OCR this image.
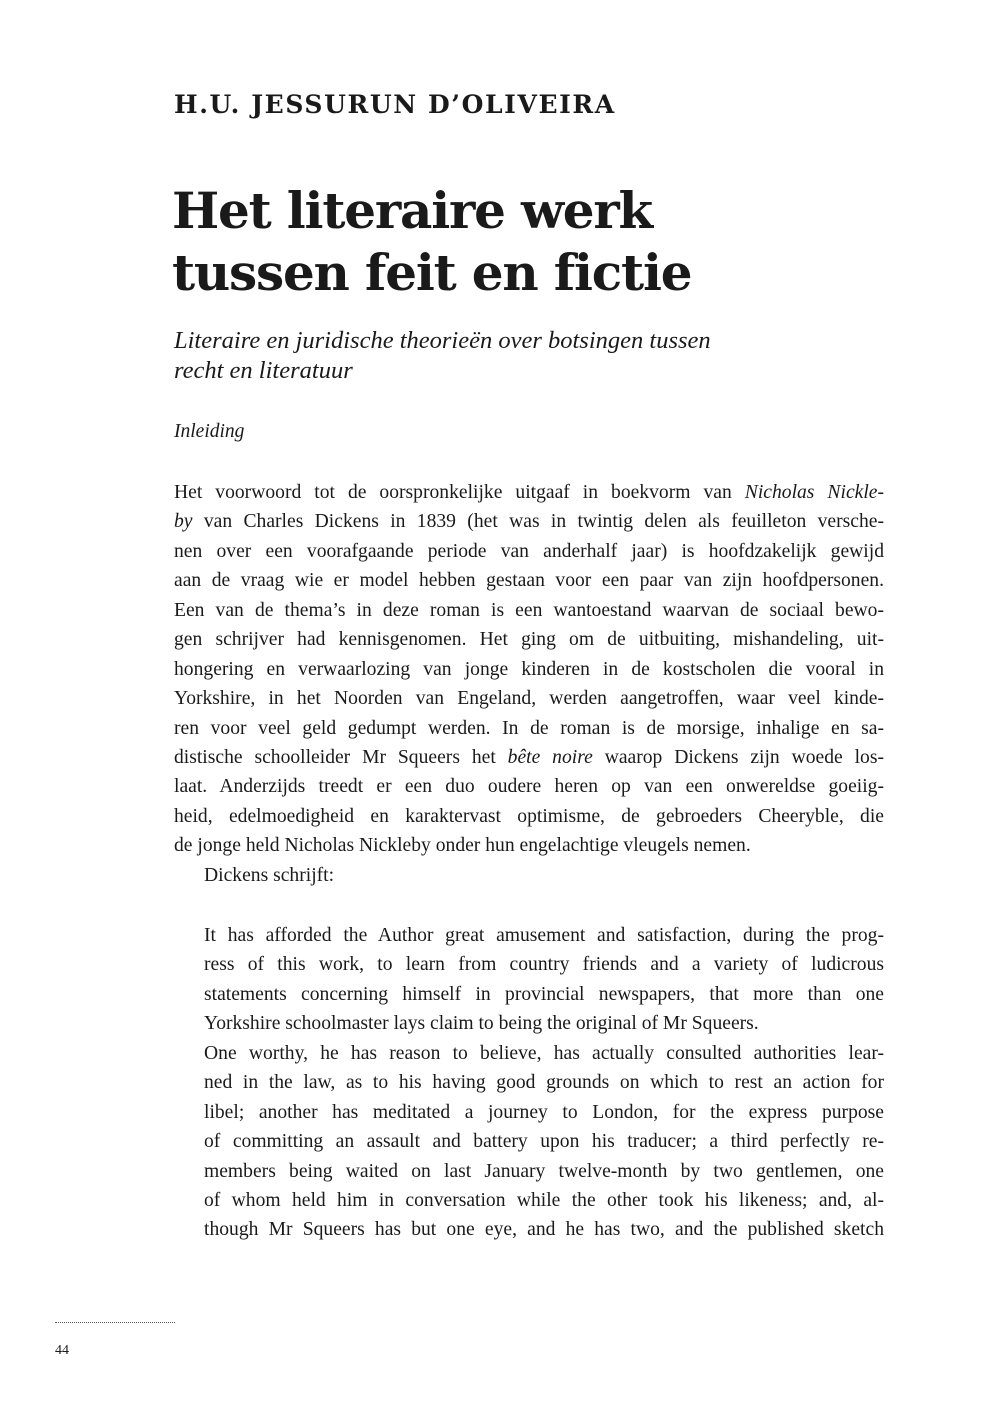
H.U. JESSURUN D’OLIVEIRA
Het literaire werk
tussen feit en fictie
Literaire en juridische theorieën over botsingen tussen
recht en literatuur
Inleiding
Het voorwoord tot de oorspronkelijke uitgaaf in boekvorm van Nicholas Nickle-
by van Charles Dickens in 1839 (het was in twintig delen als feuilleton versche-
nen over een voorafgaande periode van anderhalf jaar) is hoofdzakelijk gewijd
aan de vraag wie er model hebben gestaan voor een paar van zijn hoofdpersonen.
Een van de thema’s in deze roman is een wantoestand waarvan de sociaal bewo-
gen schrijver had kennisgenomen. Het ging om de uitbuiting, mishandeling, uit-
hongering en verwaarlozing van jonge kinderen in de kostscholen die vooral in
Yorkshire, in het Noorden van Engeland, werden aangetroffen, waar veel kinde-
ren voor veel geld gedumpt werden. In de roman is de morsige, inhalige en sa-
distische schoolleider Mr Squeers het bête noire waarop Dickens zijn woede los-
laat. Anderzijds treedt er een duo oudere heren op van een onwereldse goeiig-
heid, edelmoedigheid en karaktervast optimisme, de gebroeders Cheeryble, die
de jonge held Nicholas Nickleby onder hun engelachtige vleugels nemen.
Dickens schrijft:
It has afforded the Author great amusement and satisfaction, during the prog-
ress of this work, to learn from country friends and a variety of ludicrous
statements concerning himself in provincial newspapers, that more than one
Yorkshire schoolmaster lays claim to being the original of Mr Squeers.
One worthy, he has reason to believe, has actually consulted authorities lear-
ned in the law, as to his having good grounds on which to rest an action for
libel; another has meditated a journey to London, for the express purpose
of committing an assault and battery upon his traducer; a third perfectly re-
members being waited on last January twelve-month by two gentlemen, one
of whom held him in conversation while the other took his likeness; and, al-
though Mr Squeers has but one eye, and he has two, and the published sketch
44
